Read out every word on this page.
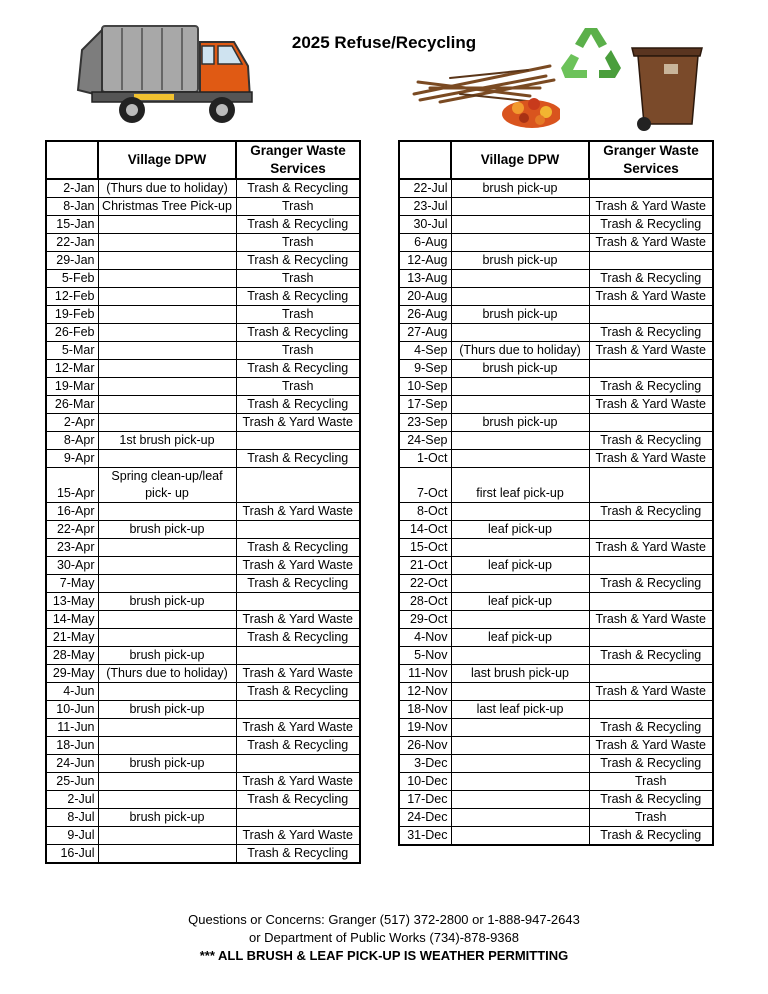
2025 Refuse/Recycling
	Village DPW	Granger Waste Services
2-Jan	(Thurs due to holiday)	Trash & Recycling
8-Jan	Christmas Tree Pick-up	Trash
15-Jan		Trash & Recycling
22-Jan		Trash
29-Jan		Trash & Recycling
5-Feb		Trash
12-Feb		Trash & Recycling
19-Feb		Trash
26-Feb		Trash & Recycling
5-Mar		Trash
12-Mar		Trash & Recycling
19-Mar		Trash
26-Mar		Trash & Recycling
2-Apr		Trash & Yard Waste
8-Apr	1st brush pick-up	
9-Apr		Trash & Recycling
15-Apr	Spring clean-up/leaf pick- up	
16-Apr		Trash & Yard Waste
22-Apr	brush pick-up	
23-Apr		Trash & Recycling
30-Apr		Trash & Yard Waste
7-May		Trash & Recycling
13-May	brush pick-up	
14-May		Trash & Yard Waste
21-May		Trash & Recycling
28-May	brush pick-up	
29-May	(Thurs due to holiday)	Trash & Yard Waste
4-Jun		Trash & Recycling
10-Jun	brush pick-up	
11-Jun		Trash & Yard Waste
18-Jun		Trash & Recycling
24-Jun	brush pick-up	
25-Jun		Trash & Yard Waste
2-Jul		Trash & Recycling
8-Jul	brush pick-up	
9-Jul		Trash & Yard Waste
16-Jul		Trash & Recycling
	Village DPW	Granger Waste Services
22-Jul	brush pick-up	
23-Jul		Trash & Yard Waste
30-Jul		Trash & Recycling
6-Aug		Trash & Yard Waste
12-Aug	brush pick-up	
13-Aug		Trash & Recycling
20-Aug		Trash & Yard Waste
26-Aug	brush pick-up	
27-Aug		Trash & Recycling
4-Sep	(Thurs due to holiday)	Trash & Yard Waste
9-Sep	brush pick-up	
10-Sep		Trash & Recycling
17-Sep		Trash & Yard Waste
23-Sep	brush pick-up	
24-Sep		Trash & Recycling
1-Oct		Trash & Yard Waste
7-Oct	first leaf pick-up	
8-Oct		Trash & Recycling
14-Oct	leaf pick-up	
15-Oct		Trash & Yard Waste
21-Oct	leaf pick-up	
22-Oct		Trash & Recycling
28-Oct	leaf pick-up	
29-Oct		Trash & Yard Waste
4-Nov	leaf pick-up	
5-Nov		Trash & Recycling
11-Nov	last brush pick-up	
12-Nov		Trash & Yard Waste
18-Nov	last leaf pick-up	
19-Nov		Trash & Recycling
26-Nov		Trash & Yard Waste
3-Dec		Trash & Recycling
10-Dec		Trash
17-Dec		Trash & Recycling
24-Dec		Trash
31-Dec		Trash & Recycling
Questions or Concerns: Granger (517) 372-2800 or 1-888-947-2643
or Department of Public Works (734)-878-9368
*** ALL BRUSH & LEAF PICK-UP IS WEATHER PERMITTING
